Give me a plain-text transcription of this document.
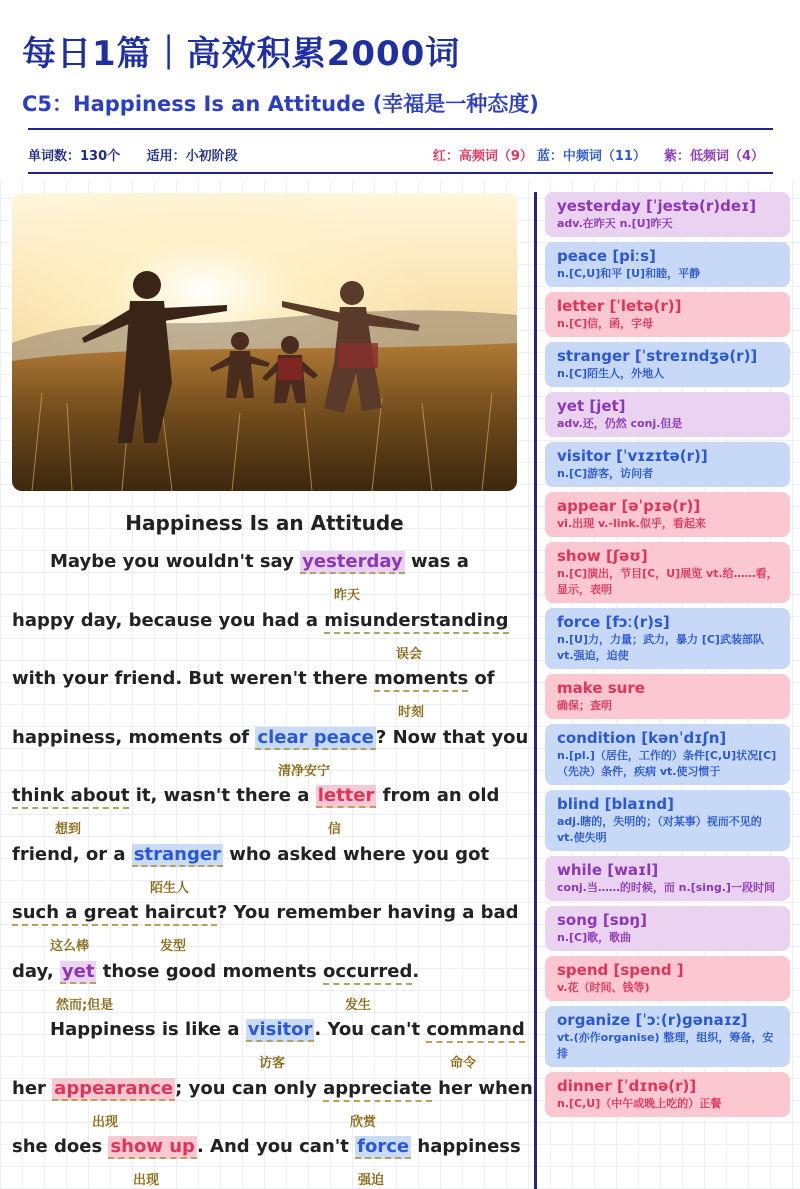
每日1篇｜高效积累2000词
C5：Happiness Is an Attitude (幸福是一种态度)
单词数：130个 适用：小初阶段	红：高频词（9） 蓝：中频词（11） 紫：低频词（4）
Happiness Is an Attitude
Maybe you wouldn't say yesterday was a
昨天
happy day, because you had a misunderstanding
误会
with your friend. But weren't there moments of
时刻
happiness, moments of clear peace ? Now that you
清净安宁
think about it, wasn't there a letter from an old
想到	信
friend, or a stranger who asked where you got
陌生人
such a great haircut? You remember having a bad
这么棒	发型
day, yet those good moments occurred.
然而;但是	发生
Happiness is like a visitor . You can't command
访客	命令
her appearance ; you can only appreciate her when
出现	欣赏
she does show up . And you can't force happiness
出现	强迫
yesterday [ˈjestə(r)deɪ]
adv.在昨天 n.[U]昨天
peace [piːs]
n.[C,U]和平 [U]和睦，平静
letter [ˈletə(r)]
n.[C]信，函，字母
stranger [ˈstreɪndʒə(r)]
n.[C]陌生人，外地人
yet [jet]
adv.还，仍然 conj.但是
visitor [ˈvɪzɪtə(r)]
n.[C]游客，访问者
appear [əˈpɪə(r)]
vi.出现 v.-link.似乎，看起来
show [ʃəʊ]
n.[C]演出，节目[C，U]展览 vt.给……看，显示，表明
force [fɔː(r)s]
n.[U]力，力量；武力，暴力 [C]武装部队 vt.强迫，迫使
make sure
确保；查明
condition [kənˈdɪʃn]
n.[pl.]（居住，工作的）条件[C,U]状况[C]（先决）条件，疾病 vt.使习惯于
blind [blaɪnd]
adj.瞎的，失明的；（对某事）视而不见的 vt.使失明
while [waɪl]
conj.当……的时候，而 n.[sing.]一段时间
song [sɒŋ]
n.[C]歌，歌曲
spend [spend ]
v.花（时间、钱等)
organize [ˈɔː(r)ɡənaɪz]
vt.(亦作organise) 整理，组织，筹备，安排
dinner [ˈdɪnə(r)]
n.[C,U]（中午或晚上吃的）正餐
